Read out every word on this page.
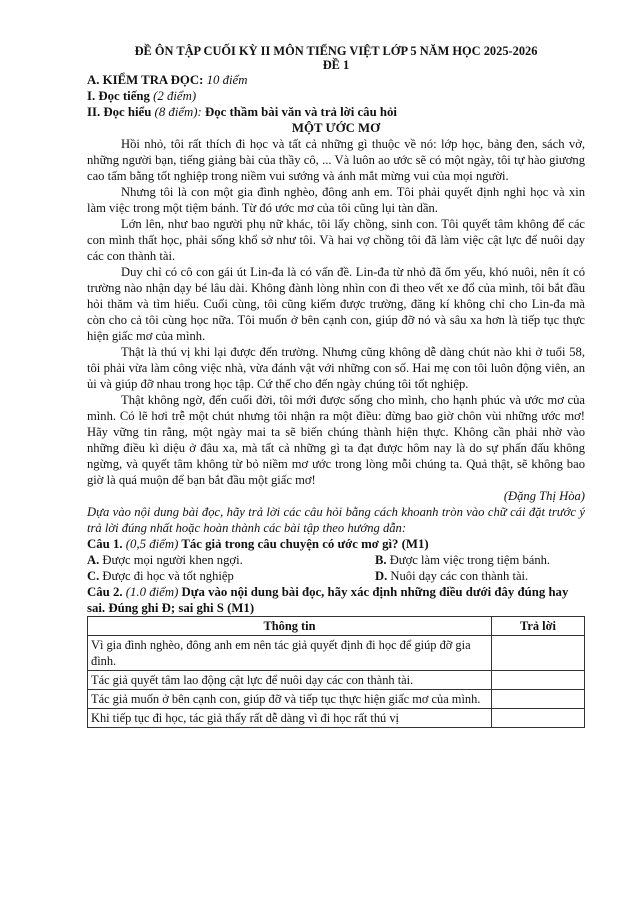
ĐỀ ÔN TẬP CUỐI KỲ II MÔN TIẾNG VIỆT LỚP 5 NĂM HỌC 2025-2026
ĐỀ 1
A. KIỂM TRA ĐỌC: 10 điểm
I. Đọc tiếng (2 điểm)
II. Đọc hiểu (8 điểm): Đọc thầm bài văn và trả lời câu hỏi
MỘT ƯỚC MƠ

Hồi nhỏ, tôi rất thích đi học và tất cả những gì thuộc về nó: lớp học, bảng đen, sách vở, những người bạn, tiếng giảng bài của thầy cô, ... Và luôn ao ước sẽ có một ngày, tôi tự hào giương cao tấm bằng tốt nghiệp trong niềm vui sướng và ánh mắt mừng vui của mọi người.

Nhưng tôi là con một gia đình nghèo, đông anh em. Tôi phải quyết định nghỉ học và xin làm việc trong một tiệm bánh. Từ đó ước mơ của tôi cũng lụi tàn dần.

Lớn lên, như bao người phụ nữ khác, tôi lấy chồng, sinh con. Tôi quyết tâm không để các con mình thất học, phải sống khổ sở như tôi. Và hai vợ chồng tôi đã làm việc cật lực để nuôi dạy các con thành tài.

Duy chỉ có cô con gái út Lin-đa là có vấn đề. Lin-đa từ nhỏ đã ốm yếu, khó nuôi, nên ít có trường nào nhận dạy bé lâu dài. Không đành lòng nhìn con đi theo vết xe đổ của mình, tôi bắt đầu hỏi thăm và tìm hiểu. Cuối cùng, tôi cũng kiếm được trường, đăng kí không chỉ cho Lin-đa mà còn cho cả tôi cùng học nữa. Tôi muốn ở bên cạnh con, giúp đỡ nó và sâu xa hơn là tiếp tục thực hiện giấc mơ của mình.

Thật là thú vị khi lại được đến trường. Nhưng cũng không dễ dàng chút nào khi ở tuổi 58, tôi phải vừa làm công việc nhà, vừa đánh vật với những con số. Hai mẹ con tôi luôn động viên, an ủi và giúp đỡ nhau trong học tập. Cứ thế cho đến ngày chúng tôi tốt nghiệp.

Thật không ngờ, đến cuối đời, tôi mới được sống cho mình, cho hạnh phúc và ước mơ của mình. Có lẽ hơi trễ một chút nhưng tôi nhận ra một điều: đừng bao giờ chôn vùi những ước mơ! Hãy vững tin rằng, một ngày mai ta sẽ biến chúng thành hiện thực. Không cần phải nhờ vào những điều kì diệu ở đâu xa, mà tất cả những gì ta đạt được hôm nay là do sự phấn đấu không ngừng, và quyết tâm không từ bỏ niềm mơ ước trong lòng mỗi chúng ta. Quả thật, sẽ không bao giờ là quá muộn để bạn bắt đầu một giấc mơ!

(Đặng Thị Hòa)
Dựa vào nội dung bài đọc, hãy trả lời các câu hỏi bằng cách khoanh tròn vào chữ cái đặt trước ý trả lời đúng nhất hoặc hoàn thành các bài tập theo hướng dẫn:
Câu 1. (0,5 điểm) Tác giả trong câu chuyện có ước mơ gì? (M1)
A. Được mọi người khen ngợi.	B. Được làm việc trong tiệm bánh.
C. Được đi học và tốt nghiệp	D. Nuôi dạy các con thành tài.
Câu 2. (1.0 điểm) Dựa vào nội dung bài đọc, hãy xác định những điều dưới đây đúng hay sai. Đúng ghi Đ; sai ghi S (M1)
Thông tin	Trả lời
Vì gia đình nghèo, đông anh em nên tác giả quyết định đi học để giúp đỡ gia đình.	
Tác giả quyết tâm lao động cật lực để nuôi dạy các con thành tài.	
Tác giả muốn ở bên cạnh con, giúp đỡ và tiếp tục thực hiện giấc mơ của mình.	
Khi tiếp tục đi học, tác giả thấy rất dễ dàng vì đi học rất thú vị	
